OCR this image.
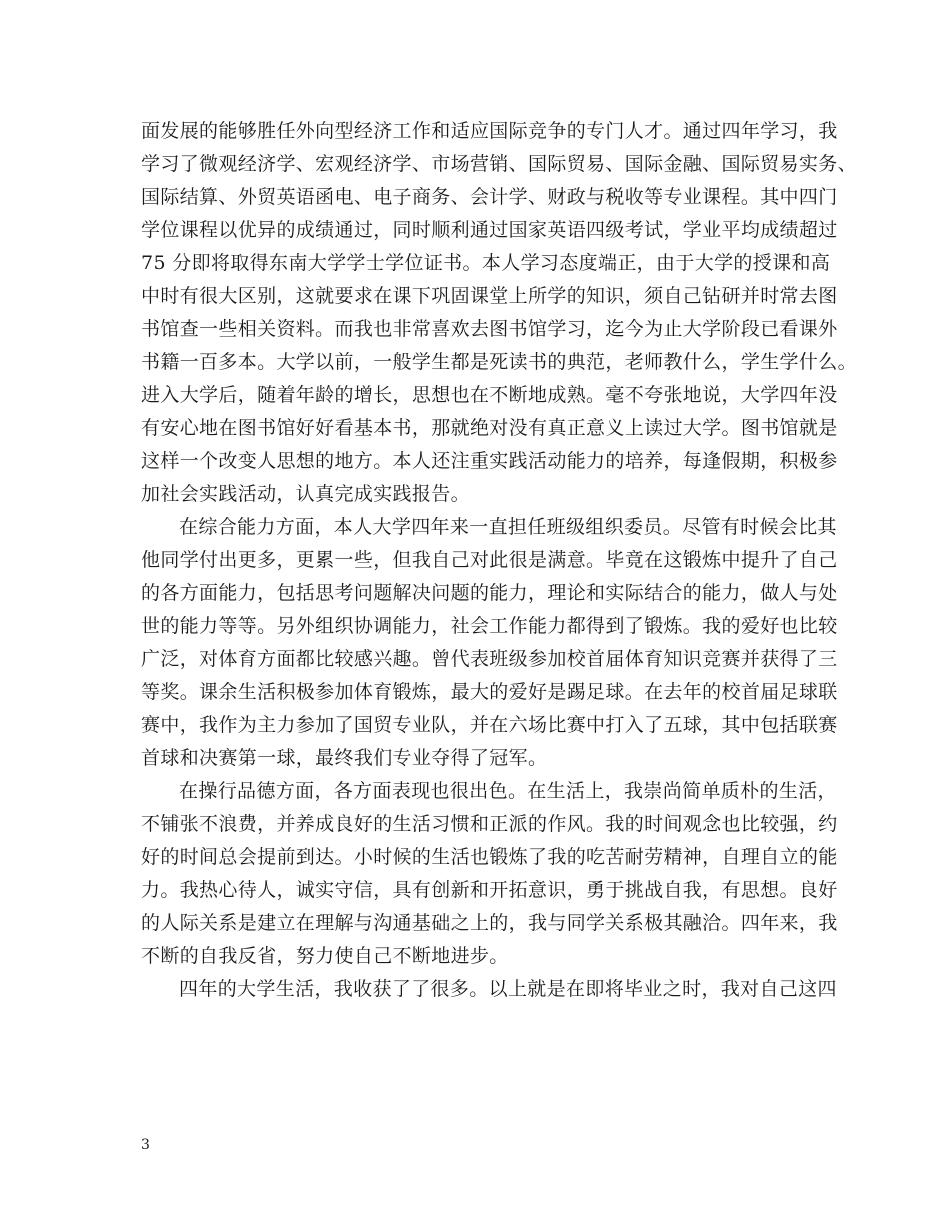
面发展的能够胜任外向型经济工作和适应国际竞争的专门人才。通过四年学习，我
学习了微观经济学、宏观经济学、市场营销、国际贸易、国际金融、国际贸易实务、
国际结算、外贸英语函电、电子商务、会计学、财政与税收等专业课程。其中四门
学位课程以优异的成绩通过，同时顺利通过国家英语四级考试，学业平均成绩超过
75 分即将取得东南大学学士学位证书。本人学习态度端正，由于大学的授课和高
中时有很大区别，这就要求在课下巩固课堂上所学的知识，须自己钻研并时常去图
书馆查一些相关资料。而我也非常喜欢去图书馆学习，迄今为止大学阶段已看课外
书籍一百多本。大学以前，一般学生都是死读书的典范，老师教什么，学生学什么。
进入大学后，随着年龄的增长，思想也在不断地成熟。毫不夸张地说，大学四年没
有安心地在图书馆好好看基本书，那就绝对没有真正意义上读过大学。图书馆就是
这样一个改变人思想的地方。本人还注重实践活动能力的培养，每逢假期，积极参
加社会实践活动，认真完成实践报告。
在综合能力方面，本人大学四年来一直担任班级组织委员。尽管有时候会比其
他同学付出更多，更累一些，但我自己对此很是满意。毕竟在这锻炼中提升了自己
的各方面能力，包括思考问题解决问题的能力，理论和实际结合的能力，做人与处
世的能力等等。另外组织协调能力，社会工作能力都得到了锻炼。我的爱好也比较
广泛，对体育方面都比较感兴趣。曾代表班级参加校首届体育知识竞赛并获得了三
等奖。课余生活积极参加体育锻炼，最大的爱好是踢足球。在去年的校首届足球联
赛中，我作为主力参加了国贸专业队，并在六场比赛中打入了五球，其中包括联赛
首球和决赛第一球，最终我们专业夺得了冠军。
在操行品德方面，各方面表现也很出色。在生活上，我崇尚简单质朴的生活，
不铺张不浪费，并养成良好的生活习惯和正派的作风。我的时间观念也比较强，约
好的时间总会提前到达。小时候的生活也锻炼了我的吃苦耐劳精神，自理自立的能
力。我热心待人，诚实守信，具有创新和开拓意识，勇于挑战自我，有思想。良好
的人际关系是建立在理解与沟通基础之上的，我与同学关系极其融洽。四年来，我
不断的自我反省，努力使自己不断地进步。
四年的大学生活，我收获了了很多。以上就是在即将毕业之时，我对自己这四
3
